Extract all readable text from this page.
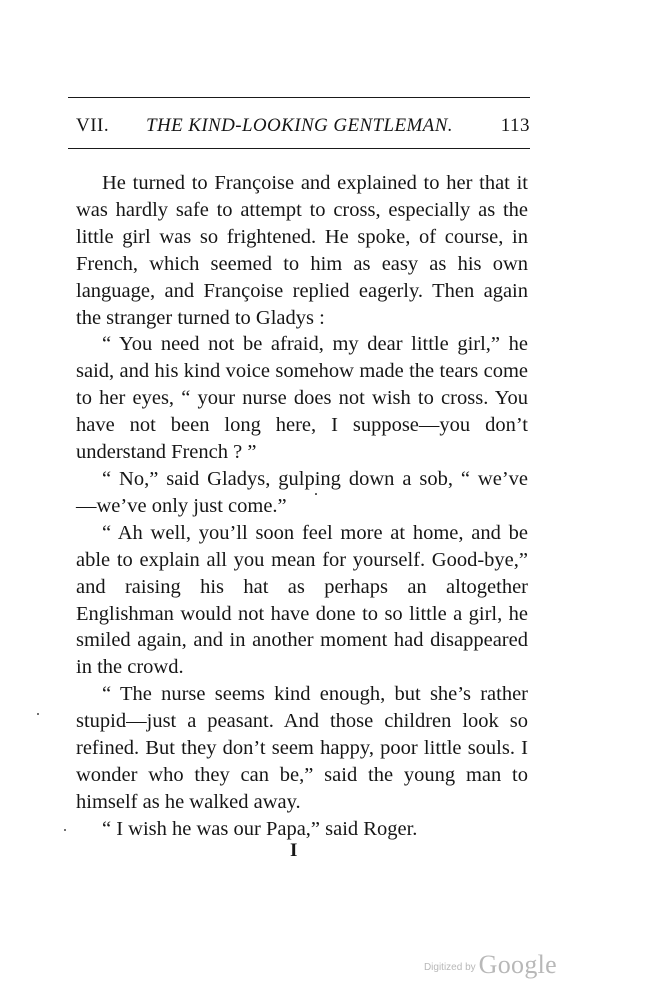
VII. THE KIND-LOOKING GENTLEMAN.	113

He turned to Françoise and explained to her that it was hardly safe to attempt to cross, especially as the little girl was so frightened. He spoke, of course, in French, which seemed to him as easy as his own language, and Françoise replied eagerly. Then again the stranger turned to Gladys :

“ You need not be afraid, my dear little girl,” he said, and his kind voice somehow made the tears come to her eyes, “ your nurse does not wish to cross. You have not been long here, I suppose—you don’t understand French ? ”

“ No,” said Gladys, gulping down a sob, “ we’ve —we’ve only just come.”

“ Ah well, you’ll soon feel more at home, and be able to explain all you mean for yourself. Good-bye,” and raising his hat as perhaps an altogether Englishman would not have done to so little a girl, he smiled again, and in another moment had disappeared in the crowd.

“ The nurse seems kind enough, but she’s rather stupid—just a peasant. And those children look so refined. But they don’t seem happy, poor little souls. I wonder who they can be,” said the young man to himself as he walked away.

“ I wish he was our Papa,” said Roger.

I
Digitized by Google
